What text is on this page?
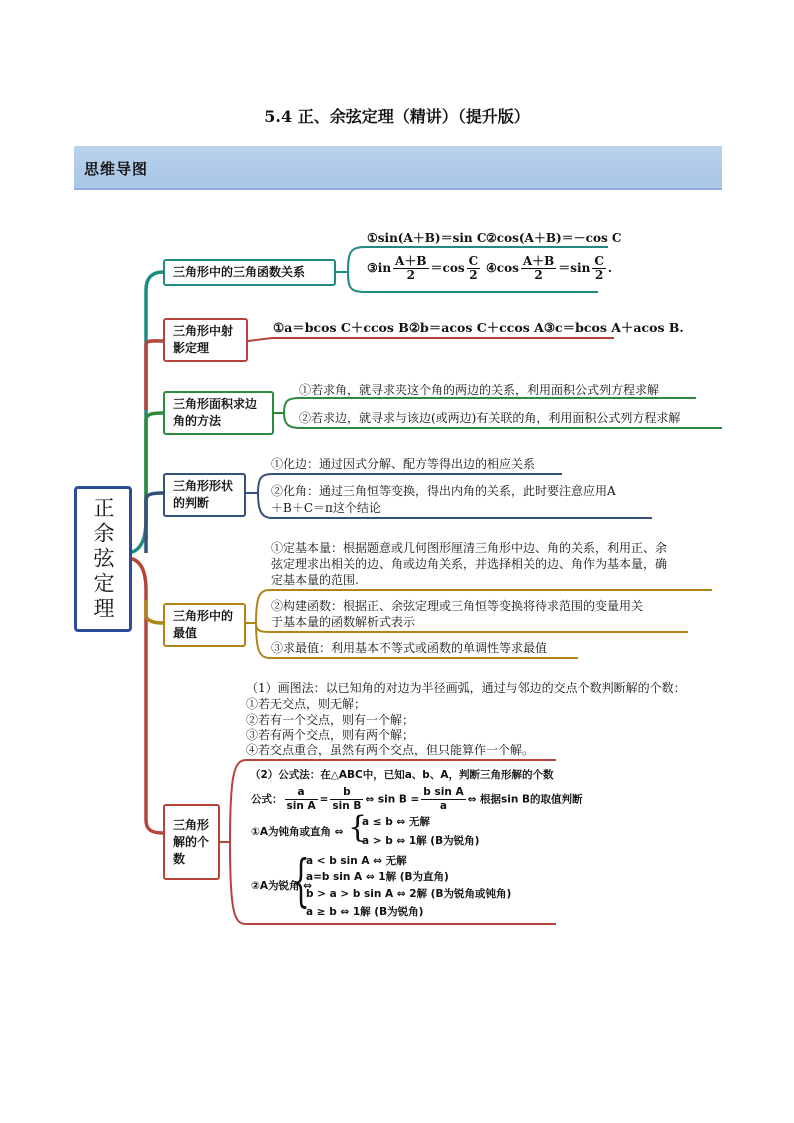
5.4 正、余弦定理（精讲）（提升版）
思维导图
正余弦定理
三角形中的三角函数关系
①sin(A＋B)＝sin C ②cos(A＋B)＝－cos C
③in $\frac{A+B}{2} =\cos \frac{C}{2}$ ④cos $\frac{A+B}{2} =\sin \frac{C}{2}$ .
三角形中射影定理
①a＝bcos C＋ccos B②b＝acos C＋ccos A③c＝bcos A＋acos B.
三角形面积求边角的方法
①若求角，就寻求夹这个角的两边的关系，利用面积公式列方程求解
②若求边，就寻求与该边(或两边)有关联的角，利用面积公式列方程求解
三角形形状的判断
①化边：通过因式分解、配方等得出边的相应关系
②化角：通过三角恒等变换，得出内角的关系，此时要注意应用A
＋B＋C＝π这个结论
三角形中的最值
①定基本量：根据题意或几何图形厘清三角形中边、角的关系，利用正、余
弦定理求出相关的边、角或边角关系，并选择相关的边、角作为基本量，确
定基本量的范围.
②构建函数：根据正、余弦定理或三角恒等变换将待求范围的变量用关
于基本量的函数解析式表示
③求最值：利用基本不等式或函数的单调性等求最值
三角形解的个数
（1）画图法：以已知角的对边为半径画弧，通过与邻边的交点个数判断解的个数：
①若无交点，则无解；
②若有一个交点，则有一个解；
③若有两个交点，则有两个解；
④若交点重合，虽然有两个交点，但只能算作一个解。
（2）公式法：在△ABC中，已知a、b、A，判断三角形解的个数
公式： $\frac{a}{\text{sin A}} = \frac{b}{\text{sin B}}$ ⇔ $\sin B = \frac{\text{b sin A}}{a}$ ⇔ 根据sin B的取值判断
①A为钝角或直角 ⇔ {
a ≤ b ⇔ 无解
a > b ⇔ 1解 (B为锐角)
②A为锐角 ⇔
{
a < b sin A ⇔ 无解
a=b sin A ⇔ 1解 (B为直角)
b > a > b sin A ⇔ 2解 (B为锐角或钝角)
a ≥ b ⇔ 1解 (B为锐角)
